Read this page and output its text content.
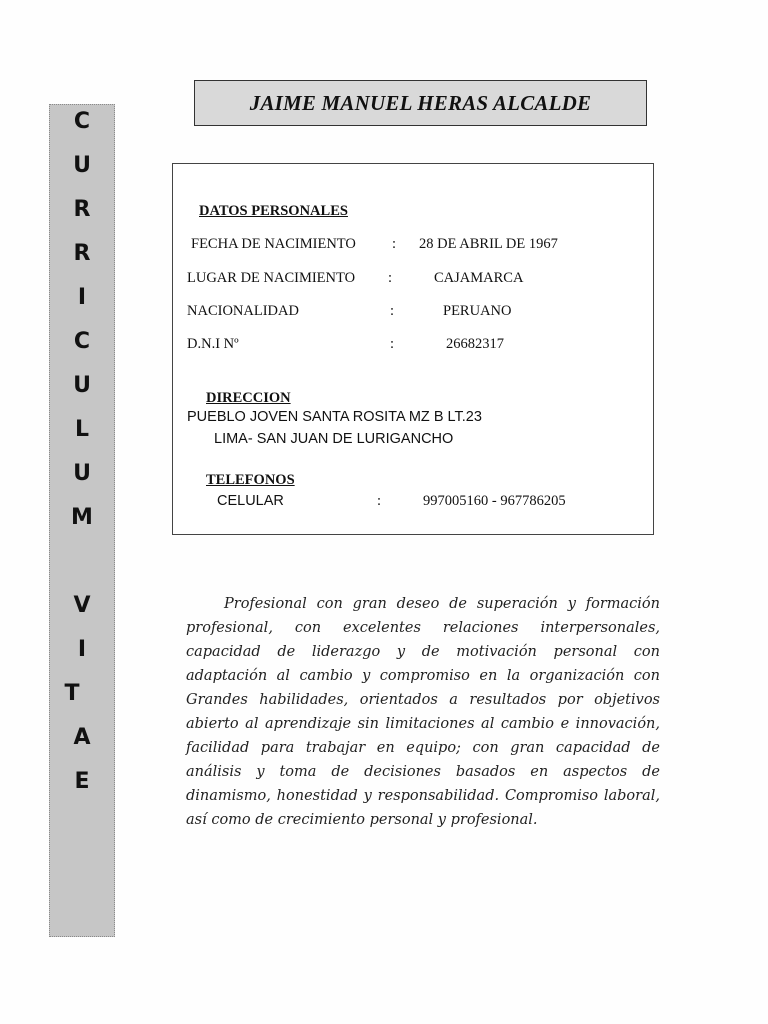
C
U
R
R
I
C
U
L
U
M
V
I
T
A
E
JAIME MANUEL HERAS ALCALDE
DATOS PERSONALES
FECHA DE NACIMIENTO : 28 DE ABRIL DE 1967
LUGAR DE NACIMIENTO :	CAJAMARCA
NACIONALIDAD	:	PERUANO
D.N.I Nº	:	26682317
DIRECCION
PUEBLO JOVEN SANTA ROSITA MZ B LT.23
LIMA- SAN JUAN DE LURIGANCHO
TELEFONOS
CELULAR	:	997005160 - 967786205

Profesional con gran deseo de superación y formación profesional, con excelentes relaciones interpersonales, capacidad de liderazgo y de motivación personal con adaptación al cambio y compromiso en la organización con Grandes habilidades, orientados a resultados por objetivos abierto al aprendizaje sin limitaciones al cambio e innovación, facilidad para trabajar en equipo; con gran capacidad de análisis y toma de decisiones basados en aspectos de dinamismo, honestidad y responsabilidad. Compromiso laboral, así como de crecimiento personal y profesional.
